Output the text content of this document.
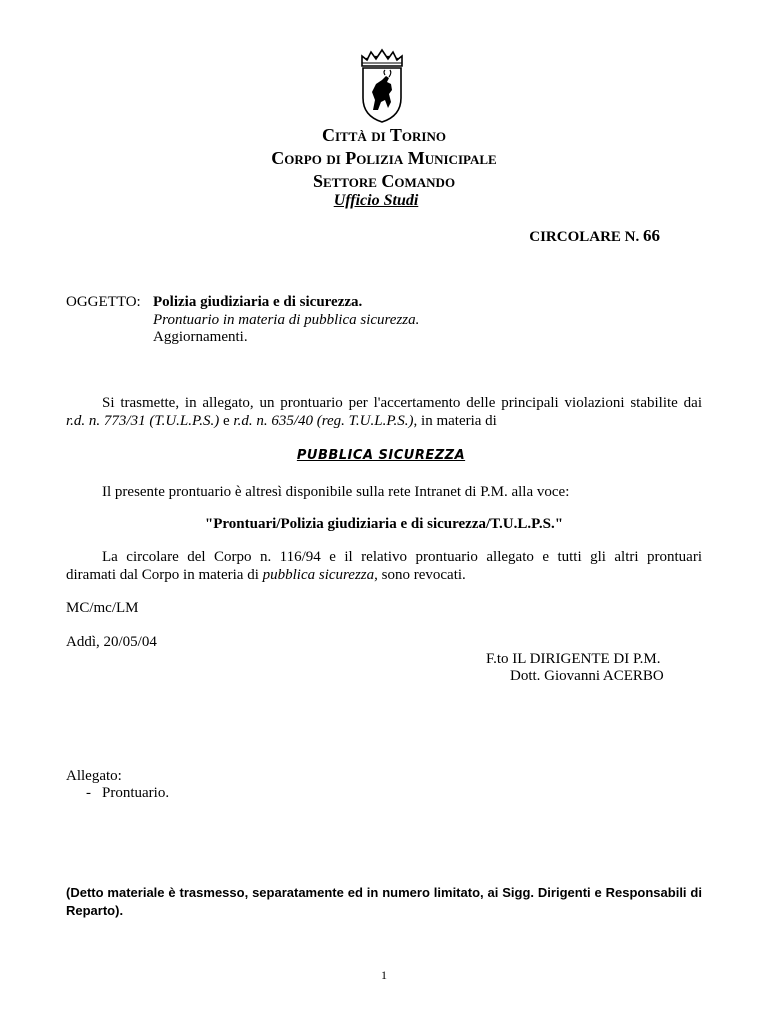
Città di Torino
Corpo di Polizia Municipale
Settore Comando
Ufficio Studi
CIRCOLARE N. 66
OGGETTO: Polizia giudiziaria e di sicurezza.
Prontuario in materia di pubblica sicurezza.
Aggiornamenti.
Si trasmette, in allegato, un prontuario per l'accertamento delle principali violazioni stabilite dai
r.d. n. 773/31 (T.U.L.P.S.) e r.d. n. 635/40 (reg. T.U.L.P.S.), in materia di
PUBBLICA SICUREZZA
Il presente prontuario è altresì disponibile sulla rete Intranet di P.M. alla voce:
"Prontuari/Polizia giudiziaria e di sicurezza/T.U.L.P.S."
La circolare del Corpo n. 116/94 e il relativo prontuario allegato e tutti gli altri prontuari
diramati dal Corpo in materia di pubblica sicurezza, sono revocati.
MC/mc/LM
Addì, 20/05/04
F.to IL DIRIGENTE DI P.M.
Dott. Giovanni ACERBO
Allegato:
- Prontuario.
(Detto materiale è trasmesso, separatamente ed in numero limitato, ai Sigg. Dirigenti e Responsabili di Reparto).
1
